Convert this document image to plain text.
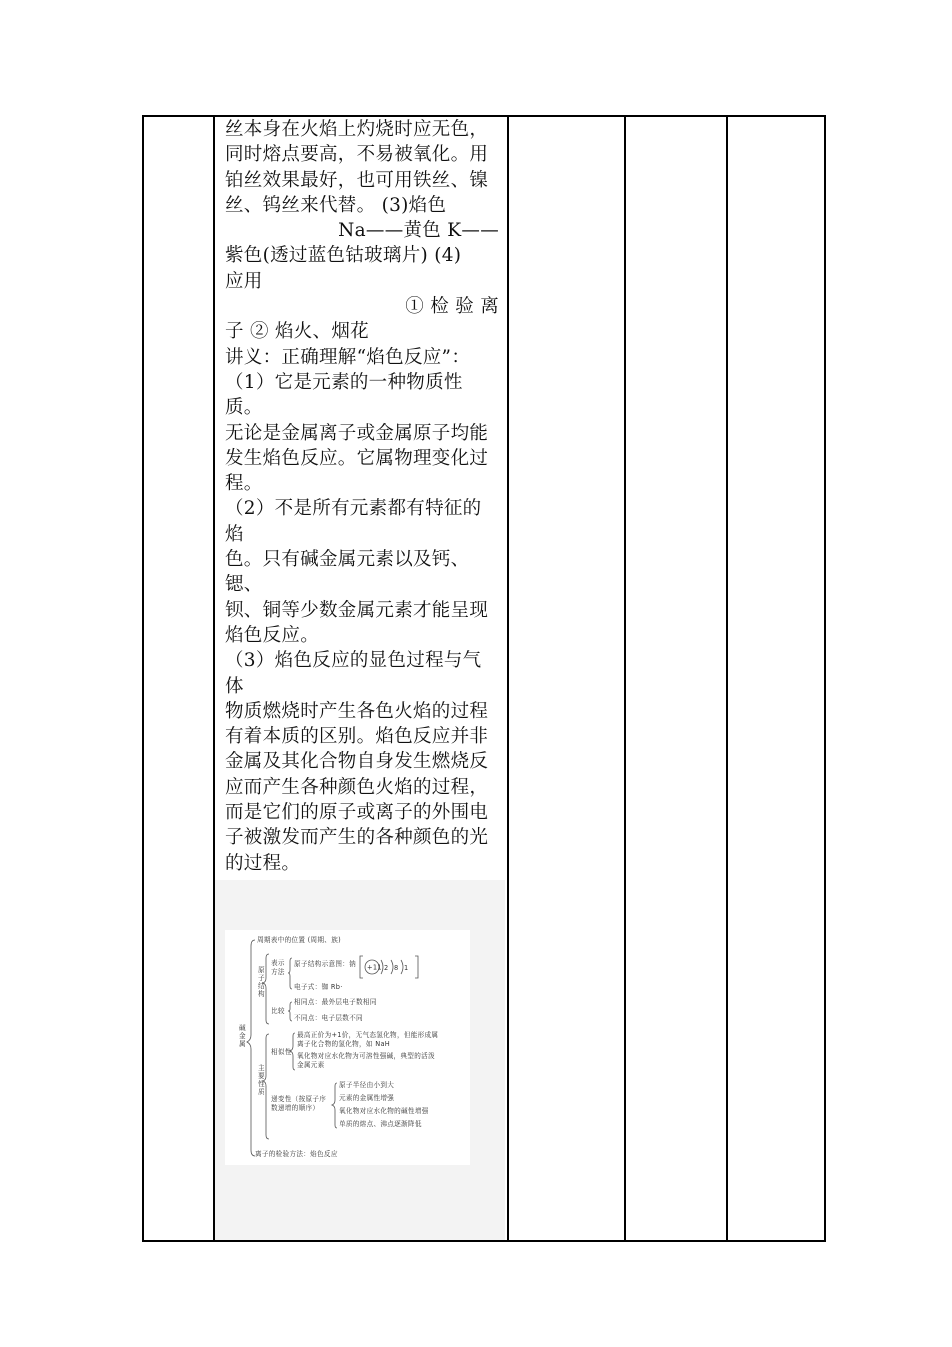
丝本身在火焰上灼烧时应无色，

同时熔点要高，不易被氧化。用

铂丝效果最好，也可用铁丝、镍

丝、钨丝来代替。 (3)焰色

Na——黄色 K——

紫色(透过蓝色钴玻璃片) (4)

应用

① 检 验 离

子 ② 焰火、烟花

讲义：正确理解“焰色反应”：

（1）它是元素的一种物质性质。

无论是金属离子或金属原子均能

发生焰色反应。它属物理变化过

程。

（2）不是所有元素都有特征的焰

色。只有碱金属元素以及钙、锶、

钡、铜等少数金属元素才能呈现

焰色反应。

（3）焰色反应的显色过程与气体

物质燃烧时产生各色火焰的过程

有着本质的区别。焰色反应并非

金属及其化合物自身发生燃烧反

应而产生各种颜色火焰的过程，

而是它们的原子或离子的外围电

子被激发而产生的各种颜色的光

的过程。

周期表中的位置 (周期、族)
碱
金
属
原
子
结
构
表示
方法
原子结构示意图：钠 +11 2 8 1
电子式：铷 Rb·
比较
相同点：最外层电子数相同
不同点：电子层数不同
主
要
性
质
相似性
最高正价为+1价，无气态氢化物，但能形成属
离子化合物的氢化物，如 NaH
氧化物对应水化物为可溶性强碱，典型的活泼
金属元素
递变性（按原子序
数递增的顺序）
原子半径由小到大
元素的金属性增强
氧化物对应水化物的碱性增强
单质的熔点、沸点逐渐降低
离子的检验方法：焰色反应
